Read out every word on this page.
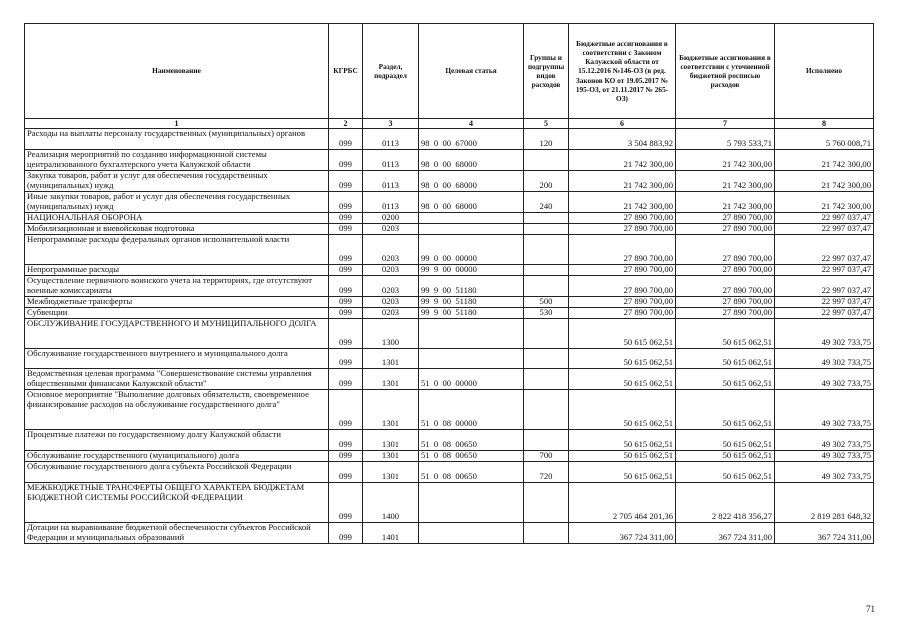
Наименование	КГРБС	Раздел, подраздел	Целевая статья	Группы и подгруппы видов расходов	Бюджетные ассигнования в соответствии с Законом Калужской области от 15.12.2016 №146-ОЗ (в ред. Законов КО от 19.05.2017 № 195-ОЗ, от 21.11.2017 № 265-ОЗ)	Бюджетные ассигнования в соответствии с уточненной бюджетной росписью расходов	Исполнено
1	2	3	4	5	6	7	8
Расходы на выплаты персоналу государственных (муниципальных) органов	099	0113	98  0  00  67000	120	3 504 883,92	5 793 533,71	5 760 008,71
Реализация мероприятий по созданию информационной системы централизованного бухгалтерского учета Калужской области	099	0113	98  0  00  68000		21 742 300,00	21 742 300,00	21 742 300,00
Закупка товаров, работ и услуг для обеспечения государственных (муниципальных) нужд	099	0113	98  0  00  68000	200	21 742 300,00	21 742 300,00	21 742 300,00
Иные закупки товаров, работ и услуг для обеспечения государственных (муниципальных) нужд	099	0113	98  0  00  68000	240	21 742 300,00	21 742 300,00	21 742 300,00
НАЦИОНАЛЬНАЯ ОБОРОНА	099	0200			27 890 700,00	27 890 700,00	22 997 037,47
Мобилизационная и вневойсковая подготовка	099	0203			27 890 700,00	27 890 700,00	22 997 037,47
Непрограммные расходы федеральных органов исполнительной власти	099	0203	99  0  00  00000		27 890 700,00	27 890 700,00	22 997 037,47
Непрограммные расходы	099	0203	99  9  00  00000		27 890 700,00	27 890 700,00	22 997 037,47
Осуществление первичного воинского учета на территориях, где отсутствуют военные комиссариаты	099	0203	99  9  00  51180		27 890 700,00	27 890 700,00	22 997 037,47
Межбюджетные трансферты	099	0203	99  9  00  51180	500	27 890 700,00	27 890 700,00	22 997 037,47
Субвенции	099	0203	99  9  00  51180	530	27 890 700,00	27 890 700,00	22 997 037,47
ОБСЛУЖИВАНИЕ ГОСУДАРСТВЕННОГО И МУНИЦИПАЛЬНОГО ДОЛГА	099	1300			50 615 062,51	50 615 062,51	49 302 733,75
Обслуживание государственного внутреннего и муниципального долга	099	1301			50 615 062,51	50 615 062,51	49 302 733,75
Ведомственная целевая программа "Совершенствование системы управления общественными финансами Калужской области"	099	1301	51  0  00  00000		50 615 062,51	50 615 062,51	49 302 733,75
Основное мероприятие "Выполнение долговых обязательств, своевременное финансирование расходов на обслуживание государственного долга"	099	1301	51  0  08  00000		50 615 062,51	50 615 062,51	49 302 733,75
Процентные платежи по государственному долгу Калужской области	099	1301	51  0  08  00650		50 615 062,51	50 615 062,51	49 302 733,75
Обслуживание государственного (муниципального) долга	099	1301	51  0  08  00650	700	50 615 062,51	50 615 062,51	49 302 733,75
Обслуживание государственного долга субъекта Российской Федерации	099	1301	51  0  08  00650	720	50 615 062,51	50 615 062,51	49 302 733,75
МЕЖБЮДЖЕТНЫЕ ТРАНСФЕРТЫ ОБЩЕГО ХАРАКТЕРА БЮДЖЕТАМ БЮДЖЕТНОЙ СИСТЕМЫ РОССИЙСКОЙ ФЕДЕРАЦИИ	099	1400			2 705 464 201,36	2 822 418 356,27	2 819 281 648,32
Дотации на выравнивание бюджетной обеспеченности субъектов Российской Федерации и муниципальных образований	099	1401			367 724 311,00	367 724 311,00	367 724 311,00
71
